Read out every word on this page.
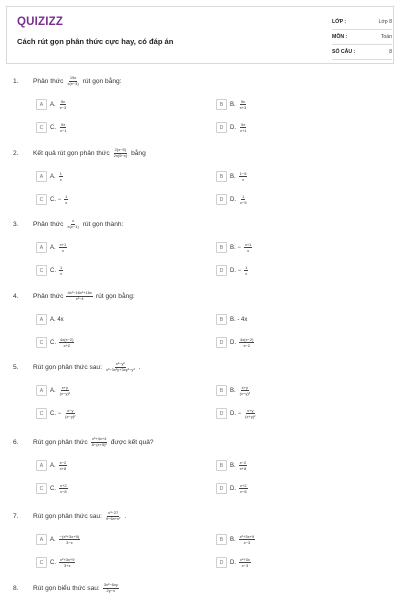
QUIZIZZ
Cách rút gọn phân thức cực hay, có đáp án
LỚP :	Lớp 8
MÔN :	Toán
SỐ CÂU :	8
1. Phân thức $\frac{15x}{x(x-3)}$ rút gọn bằng:
A	A. $\frac{5x}{x-3}$	B	B. $\frac{5x}{x+3}$
C	C. $\frac{5x}{x-1}$	D	D. $\frac{5x}{x+1}$
2. Kết quả rút gọn phân thức $\frac{2(x-5)}{2x(5-x)}$ bằng
A	A. $\frac{1}{x}$	B	B. $\frac{1-5}{x}$
C	C. − $\frac{1}{x}$	D	D. $\frac{1}{x-5}$
3. Phân thức $\frac{x}{x(x-1)}$ rút gọn thành:
A	A. $\frac{x+1}{x}$	B	B. − $\frac{x+1}{x}$
C	C. $\frac{1}{x}$	D	D. − $\frac{1}{x}$
4. Phân thức $\frac{\text{4x³−16x²+16x}}{\text{x²−4}}$ rút gọn bằng:
A	A. 4x	B	B. - 4x
C	C. $\frac{4x(x-2)}{x+2}$	D	D. $\frac{4x(x-2)}{x-2}$
5. Rút gọn phân thức sau: $\frac{\text{x²−y²}}{\text{x³−3x²y+3xy²−y³}}$ .
A	A. $\frac{x+y}{\text{(x−y)²}}$	B	B. $\frac{x+y}{\text{(x−y)³}}$
C	C. − $\frac{x-y}{\text{(x−y)²}}$	D	D. − $\frac{x+y}{\text{(x+y)²}}$
6. Rút gọn phân thức $\frac{\text{x²+4x+4}}{\text{8−(x+5)²}}$ được kết quả?
A	A. $\frac{x-2}{x+8}$	B	B. $\frac{x-2}{x+8}$
C	C. $\frac{x+2}{x-8}$	D	D. $\frac{x+2}{x-8}$
7. Rút gọn phân thức sau: $\frac{\text{x³−27}}{\text{9−6x+x²}}$ .
A	A. $\frac{\text{−(x²+3x+9)}}{3-x}$	B	B. $\frac{\text{x²+3x+9}}{x-3}$
C	C. $\frac{\text{x²+3x+9}}{3+x}$	D	D. $\frac{\text{x²+3x}}{x-3}$
8. Rút gọn biểu thức sau: $\frac{\text{3x²−6xy}}{2y-x}$
